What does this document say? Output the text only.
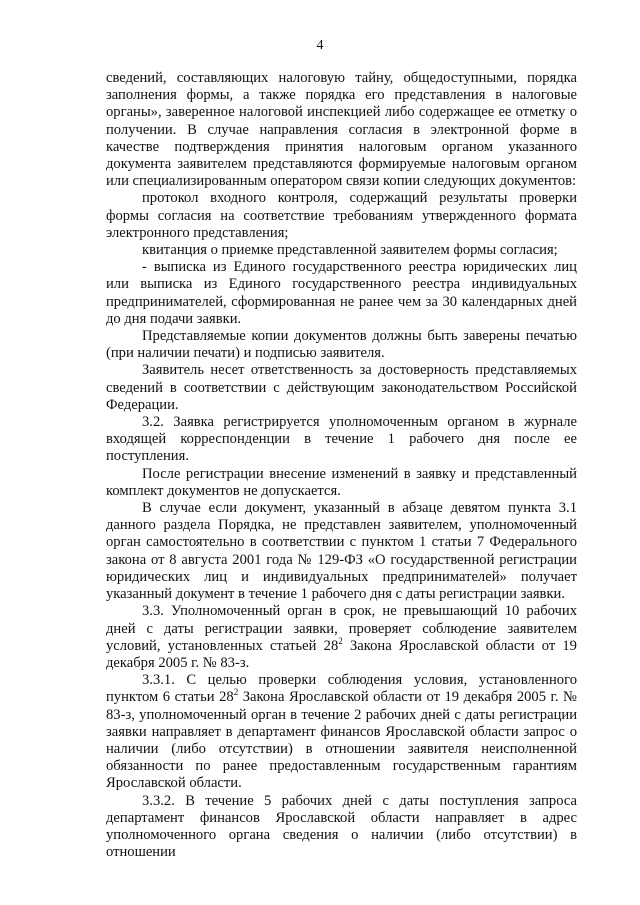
4

сведений, составляющих налоговую тайну, общедоступными, порядка заполнения формы, а также порядка его представления в налоговые органы», заверенное налоговой инспекцией либо содержащее ее отметку о получении. В случае направления согласия в электронной форме в качестве подтверждения принятия налоговым органом указанного документа заявителем представляются формируемые налоговым органом или специализированным оператором связи копии следующих документов:

протокол входного контроля, содержащий результаты проверки формы согласия на соответствие требованиям утвержденного формата электронного представления;

квитанция о приемке представленной заявителем формы согласия;

- выписка из Единого государственного реестра юридических лиц или выписка из Единого государственного реестра индивидуальных предпринимателей, сформированная не ранее чем за 30 календарных дней до дня подачи заявки.

Представляемые копии документов должны быть заверены печатью (при наличии печати) и подписью заявителя.

Заявитель несет ответственность за достоверность представляемых сведений в соответствии с действующим законодательством Российской Федерации.

3.2. Заявка регистрируется уполномоченным органом в журнале входящей корреспонденции в течение 1 рабочего дня после ее поступления.

После регистрации внесение изменений в заявку и представленный комплект документов не допускается.

В случае если документ, указанный в абзаце девятом пункта 3.1 данного раздела Порядка, не представлен заявителем, уполномоченный орган самостоятельно в соответствии с пунктом 1 статьи 7 Федерального закона от 8 августа 2001 года № 129-ФЗ «О государственной регистрации юридических лиц и индивидуальных предпринимателей» получает указанный документ в течение 1 рабочего дня с даты регистрации заявки.

3.3. Уполномоченный орган в срок, не превышающий 10 рабочих дней с даты регистрации заявки, проверяет соблюдение заявителем условий, установленных статьей $28^2$ Закона Ярославской области от 19 декабря 2005 г. № 83-з.

3.3.1. С целью проверки соблюдения условия, установленного пунктом 6 статьи $28^2$ Закона Ярославской области от 19 декабря 2005 г. № 83-з, уполномоченный орган в течение 2 рабочих дней с даты регистрации заявки направляет в департамент финансов Ярославской области запрос о наличии (либо отсутствии) в отношении заявителя неисполненной обязанности по ранее предоставленным государственным гарантиям Ярославской области.

3.3.2. В течение 5 рабочих дней с даты поступления запроса департамент финансов Ярославской области направляет в адрес уполномоченного органа сведения о наличии (либо отсутствии) в отношении
